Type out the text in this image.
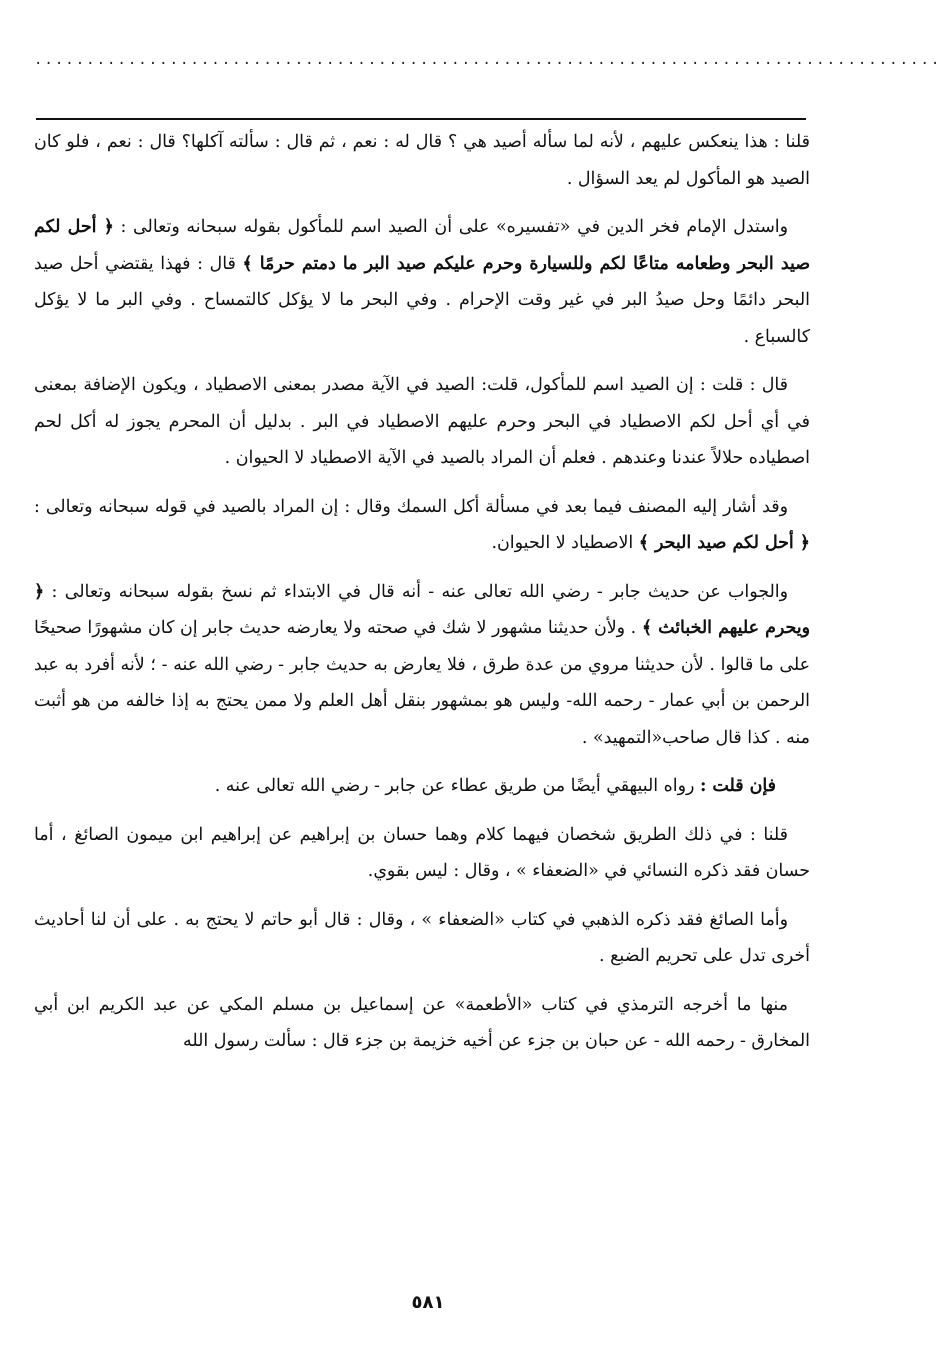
.......................................................................................

قلنا : هذا ينعكس عليهم ، لأنه لما سأله أصيد هي ؟ قال له : نعم ، ثم قال : سألته آكلها؟ قال : نعم ، فلو كان الصيد هو المأكول لم يعد السؤال .

واستدل الإمام فخر الدين في «تفسيره» على أن الصيد اسم للمأكول بقوله سبحانه وتعالى : ﴿ أحل لكم صيد البحر وطعامه متاعًا لكم وللسيارة وحرم عليكم صيد البر ما دمتم حرمًا ﴾ قال : فهذا يقتضي أحل صيد البحر دائمًا وحل صيدُ البر في غير وقت الإحرام . وفي البحر ما لا يؤكل كالتمساح . وفي البر ما لا يؤكل كالسباع .

قال : قلت : إن الصيد اسم للمأكول، قلت: الصيد في الآية مصدر بمعنى الاصطياد ، ويكون الإضافة بمعنى في أي أحل لكم الاصطياد في البحر وحرم عليهم الاصطياد في البر . بدليل أن المحرم يجوز له أكل لحم اصطياده حلالاً عندنا وعندهم . فعلم أن المراد بالصيد في الآية الاصطياد لا الحيوان .

وقد أشار إليه المصنف فيما بعد في مسألة أكل السمك وقال : إن المراد بالصيد في قوله سبحانه وتعالى : ﴿ أحل لكم صيد البحر ﴾ الاصطياد لا الحيوان.

والجواب عن حديث جابر - رضي الله تعالى عنه - أنه قال في الابتداء ثم نسخ بقوله سبحانه وتعالى : ﴿ ويحرم عليهم الخبائث ﴾ . ولأن حديثنا مشهور لا شك في صحته ولا يعارضه حديث جابر إن كان مشهورًا صحيحًا على ما قالوا . لأن حديثنا مروي من عدة طرق ، فلا يعارض به حديث جابر - رضي الله عنه - ؛ لأنه أفرد به عبد الرحمن بن أبي عمار - رحمه الله- وليس هو بمشهور بنقل أهل العلم ولا ممن يحتج به إذا خالفه من هو أثبت منه . كذا قال صاحب«التمهيد» .

فإن قلت : رواه البيهقي أيضًا من طريق عطاء عن جابر - رضي الله تعالى عنه .

قلنا : في ذلك الطريق شخصان فيهما كلام وهما حسان بن إبراهيم عن إبراهيم ابن ميمون الصائغ ، أما حسان فقد ذكره النسائي في «الضعفاء » ، وقال : ليس بقوي.

وأما الصائغ فقد ذكره الذهبي في كتاب «الضعفاء » ، وقال : قال أبو حاتم لا يحتج به . على أن لنا أحاديث أخرى تدل على تحريم الضبع .

منها ما أخرجه الترمذي في كتاب «الأطعمة» عن إسماعيل بن مسلم المكي عن عبد الكريم ابن أبي المخارق - رحمه الله - عن حبان بن جزء عن أخيه خزيمة بن جزء قال : سألت رسول الله

٥٨١
